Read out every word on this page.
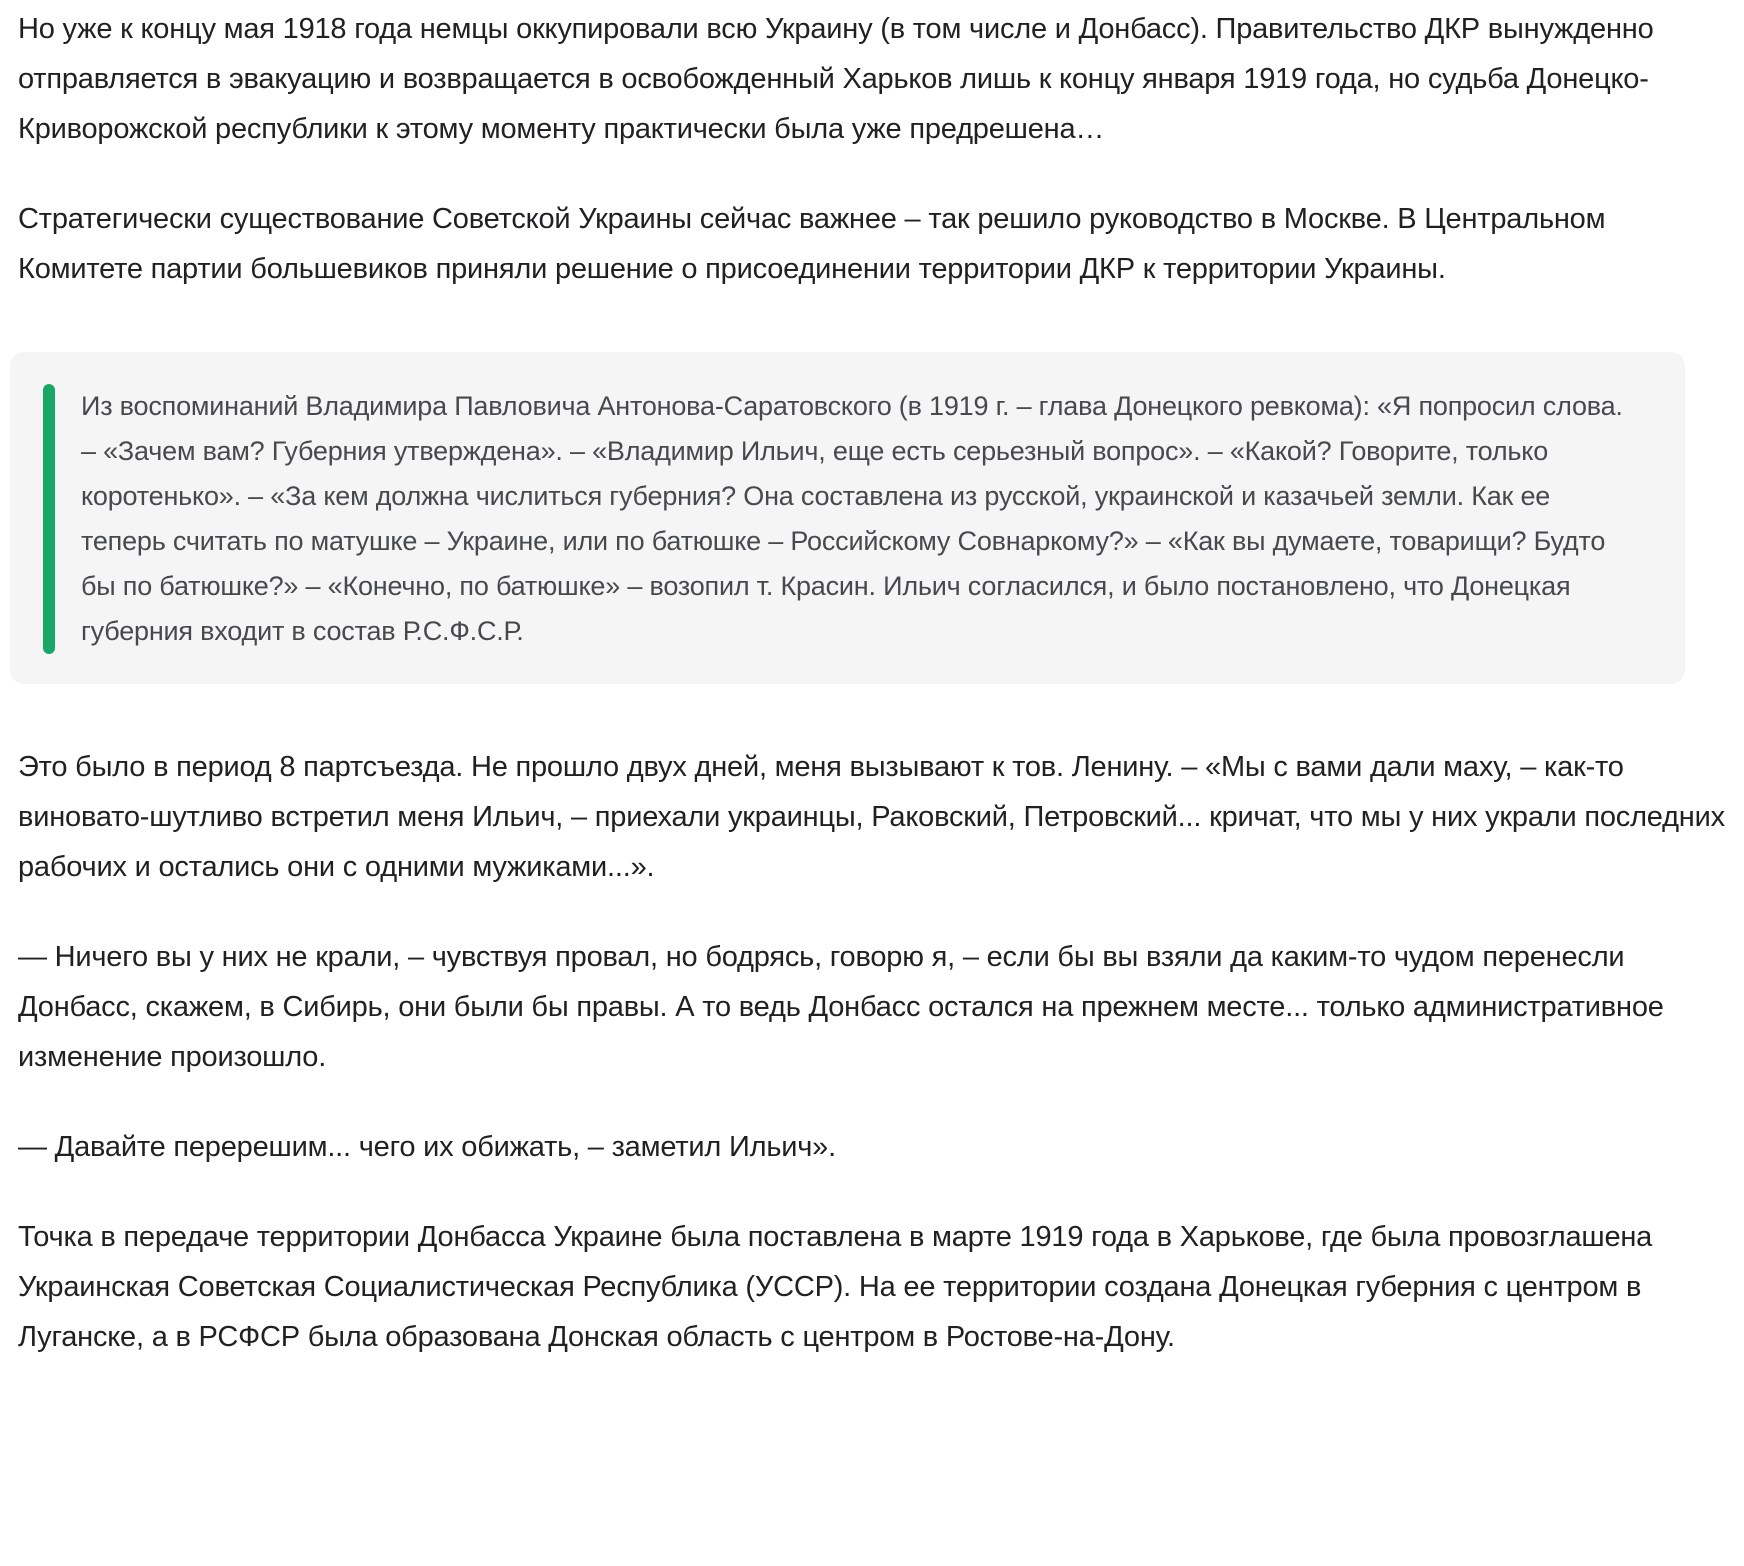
Но уже к концу мая 1918 года немцы оккупировали всю Украину (в том числе и Донбасс). Правительство ДКР вынужденно отправляется в эвакуацию и возвращается в освобожденный Харьков лишь к концу января 1919 года, но судьба Донецко-Криворожской республики к этому моменту практически была уже предрешена…

Стратегически существование Советской Украины сейчас важнее – так решило руководство в Москве. В Центральном Комитете партии большевиков приняли решение о присоединении территории ДКР к территории Украины.

Из воспоминаний Владимира Павловича Антонова-Саратовского (в 1919 г. – глава Донецкого ревкома): «Я попросил слова. – «Зачем вам? Губерния утверждена». – «Владимир Ильич, еще есть серьезный вопрос». – «Какой? Говорите, только коротенько». – «За кем должна числиться губерния? Она составлена из русской, украинской и казачьей земли. Как ее теперь считать по матушке – Украине, или по батюшке – Российскому Совнаркому?» – «Как вы думаете, товарищи? Будто бы по батюшке?» – «Конечно, по батюшке» – возопил т. Красин. Ильич согласился, и было постановлено, что Донецкая губерния входит в состав Р.С.Ф.С.Р.

Это было в период 8 партсъезда. Не прошло двух дней, меня вызывают к тов. Ленину. – «Мы с вами дали маху, – как-то виновато-шутливо встретил меня Ильич, – приехали украинцы, Раковский, Петровский... кричат, что мы у них украли последних рабочих и остались они с одними мужиками...».

— Ничего вы у них не крали, – чувствуя провал, но бодрясь, говорю я, – если бы вы взяли да каким-то чудом перенесли Донбасс, скажем, в Сибирь, они были бы правы. А то ведь Донбасс остался на прежнем месте... только административное изменение произошло.

— Давайте перерешим... чего их обижать, – заметил Ильич».

Точка в передаче территории Донбасса Украине была поставлена в марте 1919 года в Харькове, где была провозглашена Украинская Советская Социалистическая Республика (УССР). На ее территории создана Донецкая губерния с центром в Луганске, а в РСФСР была образована Донская область с центром в Ростове-на-Дону.
